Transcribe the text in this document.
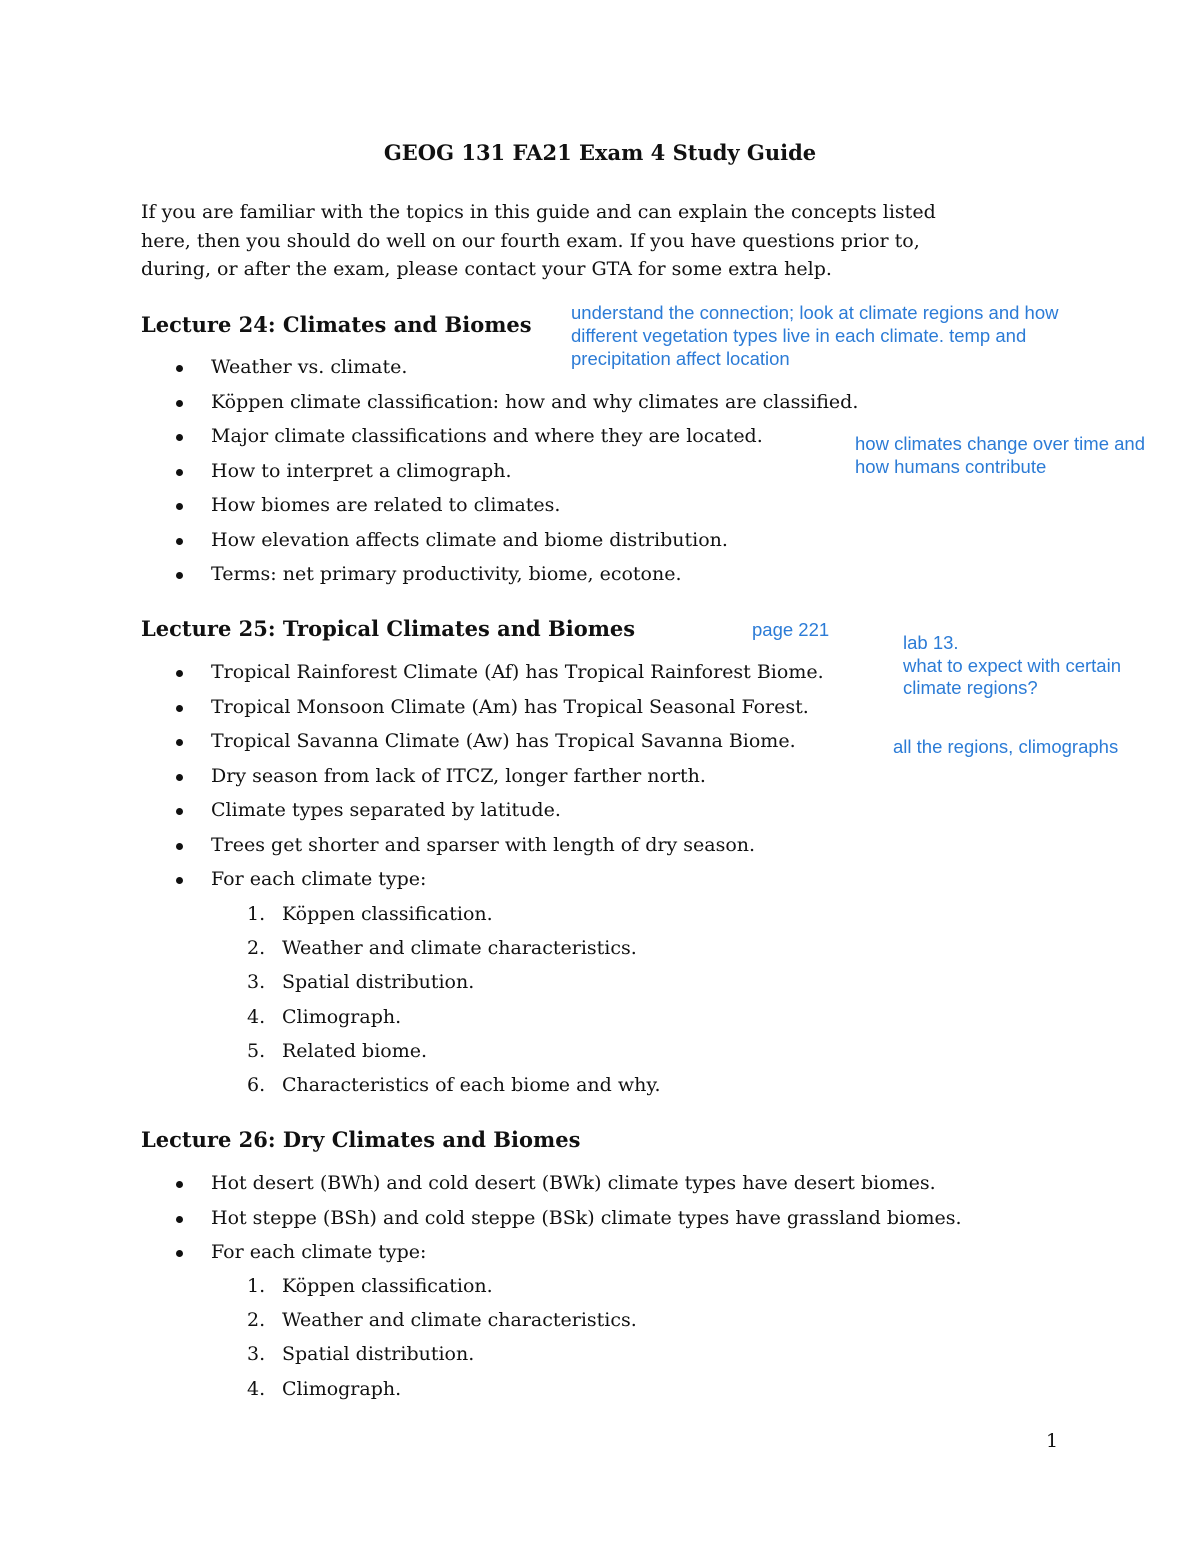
GEOG 131 FA21 Exam 4 Study Guide
If you are familiar with the topics in this guide and can explain the concepts listed
here, then you should do well on our fourth exam. If you have questions prior to,
during, or after the exam, please contact your GTA for some extra help.
Lecture 24: Climates and Biomes
Weather vs. climate.
Köppen climate classification: how and why climates are classified.
Major climate classifications and where they are located.
How to interpret a climograph.
How biomes are related to climates.
How elevation affects climate and biome distribution.
Terms: net primary productivity, biome, ecotone.
Lecture 25: Tropical Climates and Biomes
Tropical Rainforest Climate (Af) has Tropical Rainforest Biome.
Tropical Monsoon Climate (Am) has Tropical Seasonal Forest.
Tropical Savanna Climate (Aw) has Tropical Savanna Biome.
Dry season from lack of ITCZ, longer farther north.
Climate types separated by latitude.
Trees get shorter and sparser with length of dry season.
For each climate type:
1. Köppen classification.
2. Weather and climate characteristics.
3. Spatial distribution.
4. Climograph.
5. Related biome.
6. Characteristics of each biome and why.
Lecture 26: Dry Climates and Biomes
Hot desert (BWh) and cold desert (BWk) climate types have desert biomes.
Hot steppe (BSh) and cold steppe (BSk) climate types have grassland biomes.
For each climate type:
1. Köppen classification.
2. Weather and climate characteristics.
3. Spatial distribution.
4. Climograph.
understand the connection; look at climate regions and how
different vegetation types live in each climate. temp and
precipitation affect location
how climates change over time and
how humans contribute
page 221
lab 13.
what to expect with certain
climate regions?
all the regions, climographs
1
